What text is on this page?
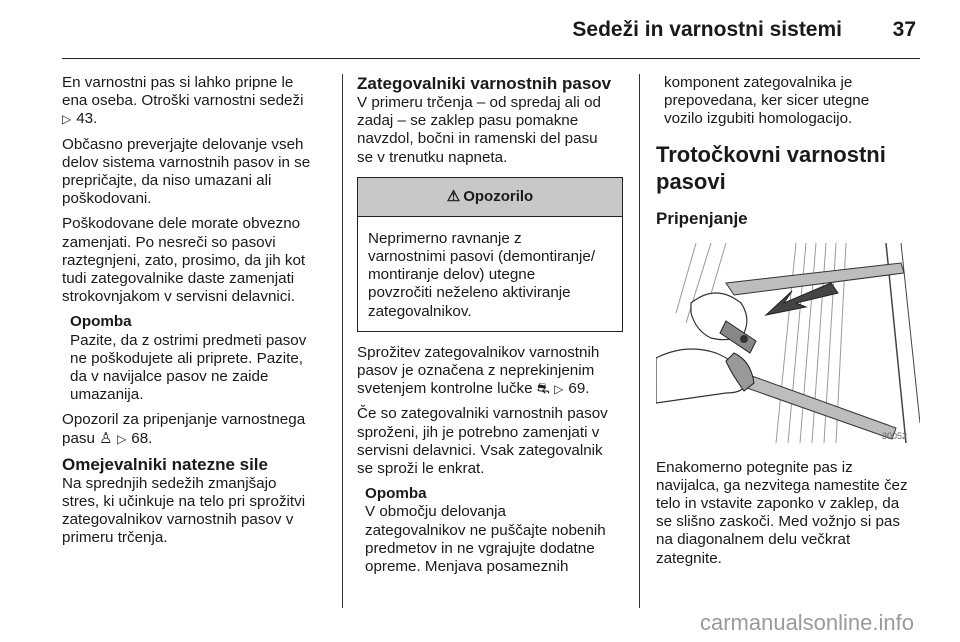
Sedeži in varnostni sistemi 37
En varnostni pas si lahko pripne le
ena oseba. Otroški varnostni sedeži
▷ 43.
Občasno preverjajte delovanje vseh
delov sistema varnostnih pasov in se
prepričajte, da niso umazani ali
poškodovani.
Poškodovane dele morate obvezno
zamenjati. Po nesreči so pasovi
raztegnjeni, zato, prosimo, da jih kot
tudi zategovalnike daste zamenjati
strokovnjakom v servisni delavnici.
Opomba
Pazite, da z ostrimi predmeti pasov
ne poškodujete ali priprete. Pazite,
da v navijalce pasov ne zaide
umazanija.
Opozoril za pripenjanje varnostnega
pasu ♙ ▷ 68.
Omejevalniki natezne sile
Na sprednjih sedežih zmanjšajo
stres, ki učinkuje na telo pri sprožitvi
zategovalnikov varnostnih pasov v
primeru trčenja.
Zategovalniki varnostnih pasov
V primeru trčenja – od spredaj ali od
zadaj – se zaklep pasu pomakne
navzdol, bočni in ramenski del pasu
se v trenutku napneta.
⚠ Opozorilo
Neprimerno ravnanje z
varnostnimi pasovi (demontiranje/
montiranje delov) utegne
povzročiti neželeno aktiviranje
zategovalnikov.
Sprožitev zategovalnikov varnostnih
pasov je označena z neprekinjenim
svetenjem kontrolne lučke ⛐ ▷ 69.
Če so zategovalniki varnostnih pasov
sproženi, jih je potrebno zamenjati v
servisni delavnici. Vsak zategovalnik
se sproži le enkrat.
Opomba
V območju delovanja
zategovalnikov ne puščajte nobenih
predmetov in ne vgrajujte dodatne
opreme. Menjava posameznih
komponent zategovalnika je
prepovedana, ker sicer utegne
vozilo izgubiti homologacijo.
Trotočkovni varnostni
pasovi
Pripenjanje
30052
Enakomerno potegnite pas iz
navijalca, ga nezvitega namestite čez
telo in vstavite zaponko v zaklep, da
se slišno zaskoči. Med vožnjo si pas
na diagonalnem delu večkrat
zategnite.
carmanualsonline.info
